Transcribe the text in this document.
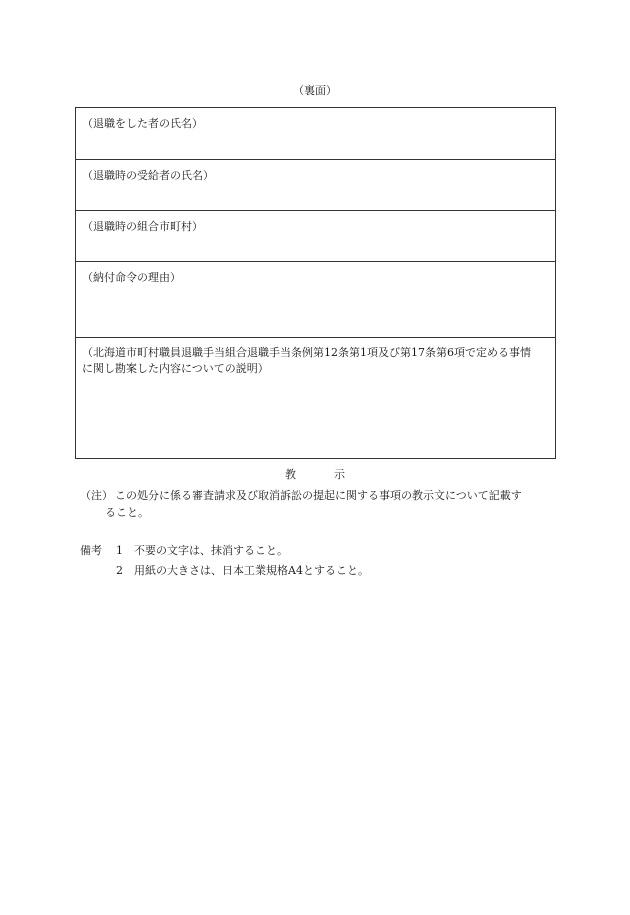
（裏面）
（退職をした者の氏名）
（退職時の受給者の氏名）
（退職時の組合市町村）
（納付命令の理由）
（北海道市町村職員退職手当組合退職手当条例第12条第1項及び第17条第6項で定める事情
に関し勘案した内容についての説明）
教	示
（注） この処分に係る審査請求及び取消訴訟の提起に関する事項の教示文について記載す
ること。
備考 1 不要の文字は、抹消すること。
2 用紙の大きさは、日本工業規格A4とすること。
